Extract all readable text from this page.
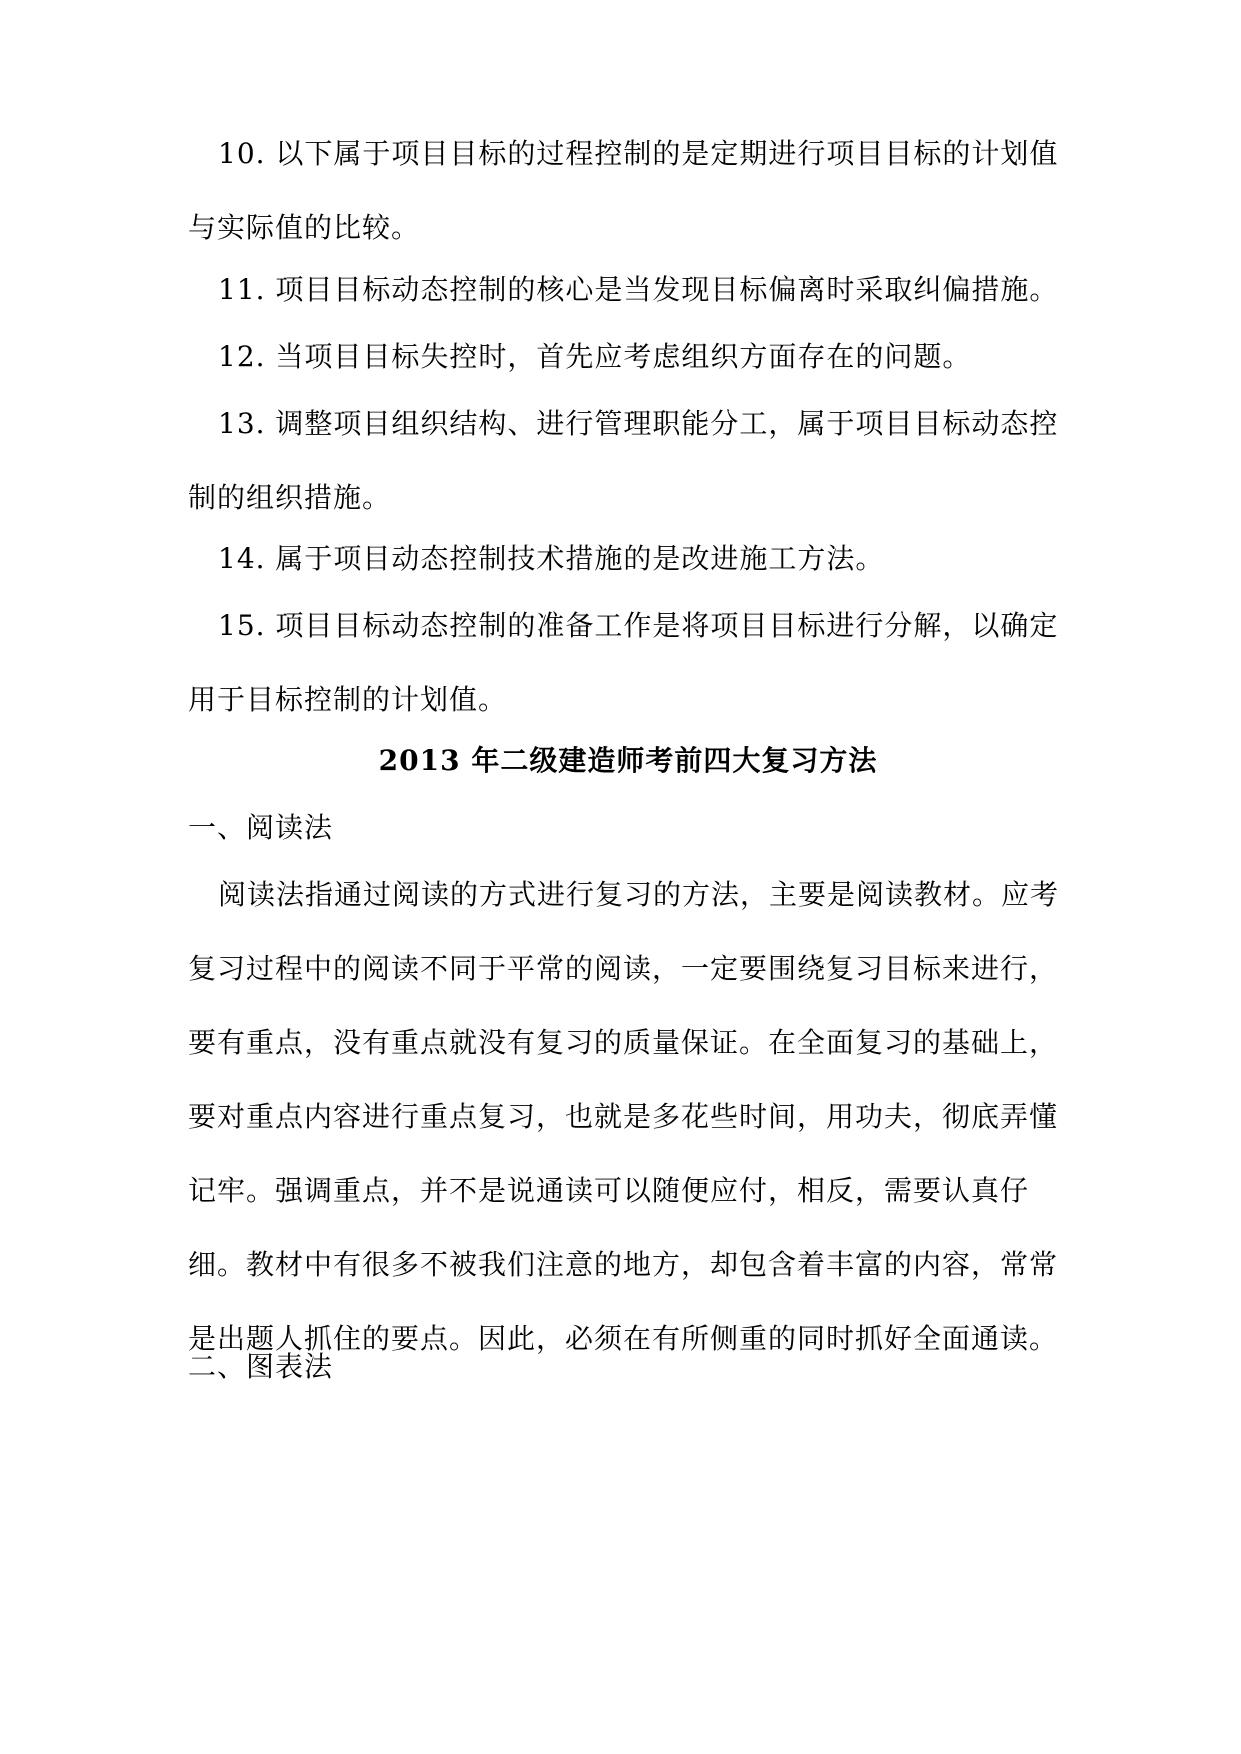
10. 以下属于项目目标的过程控制的是定期进行项目目标的计划值与实际值的比较。

11. 项目目标动态控制的核心是当发现目标偏离时采取纠偏措施。

12. 当项目目标失控时，首先应考虑组织方面存在的问题。

13. 调整项目组织结构、进行管理职能分工，属于项目目标动态控制的组织措施。

14. 属于项目动态控制技术措施的是改进施工方法。

15. 项目目标动态控制的准备工作是将项目目标进行分解，以确定用于目标控制的计划值。

2013 年二级建造师考前四大复习方法

一、阅读法

阅读法指通过阅读的方式进行复习的方法，主要是阅读教材。应考复习过程中的阅读不同于平常的阅读，一定要围绕复习目标来进行，要有重点，没有重点就没有复习的质量保证。在全面复习的基础上，要对重点内容进行重点复习，也就是多花些时间，用功夫，彻底弄懂记牢。强调重点，并不是说通读可以随便应付，相反，需要认真仔细。教材中有很多不被我们注意的地方，却包含着丰富的内容，常常是出题人抓住的要点。因此，必须在有所侧重的同时抓好全面通读。

二、图表法
